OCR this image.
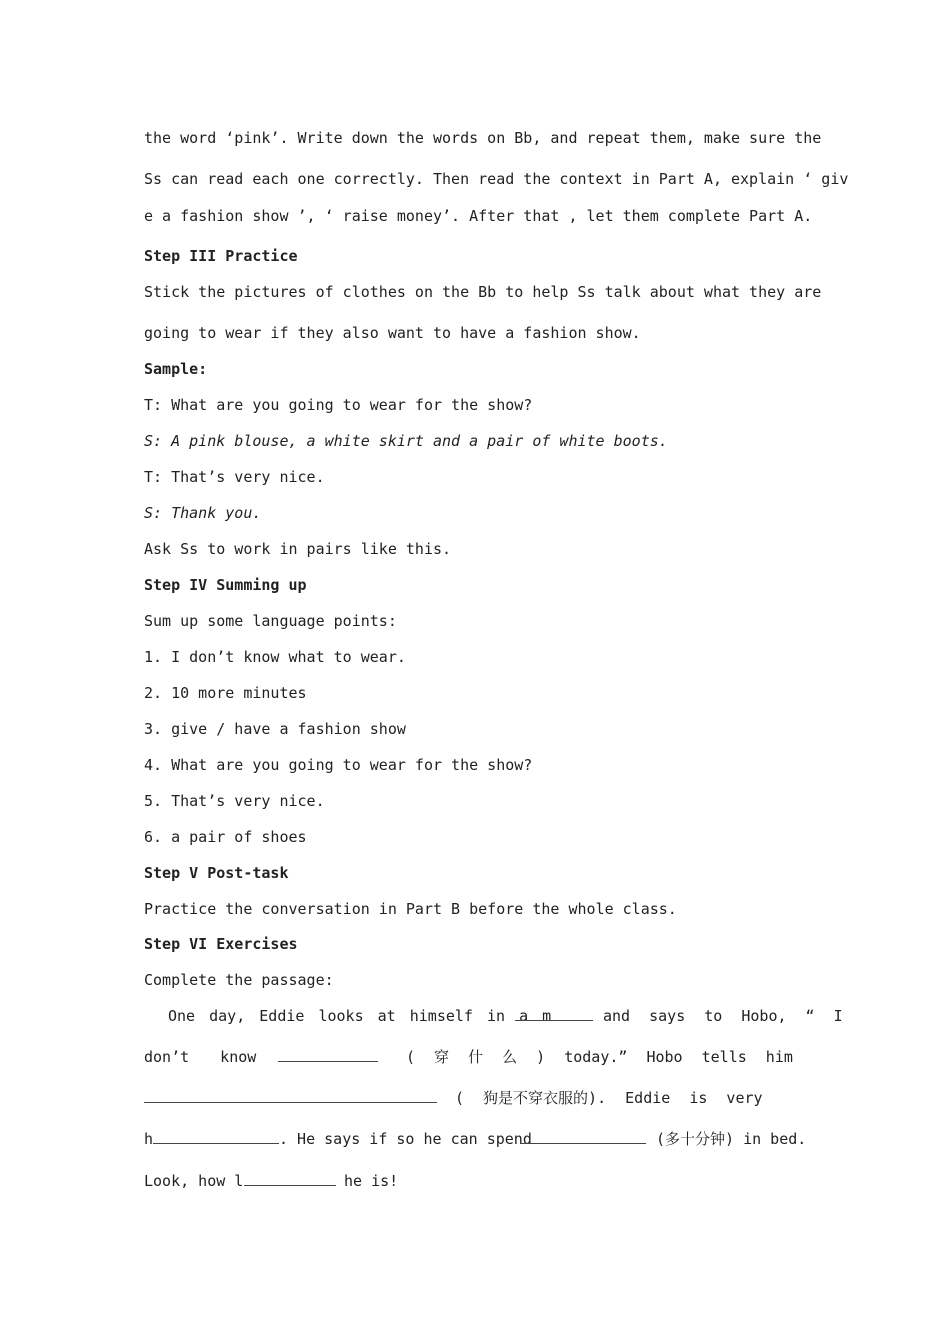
the word ‘pink’. Write down the words on Bb, and repeat them, make sure the
Ss can read each one correctly. Then read the context in Part A, explain ‘ giv
e a fashion show ’, ‘ raise money’. After that , let them complete Part A.
Step III Practice
Stick the pictures of clothes on the Bb to help Ss talk about what they are
going to wear if they also want to have a fashion show.
Sample:
T: What are you going to wear for the show?
S: A pink blouse, a white skirt and a pair of white boots.
T: That’s very nice.
S: Thank you.
Ask Ss to work in pairs like this.
Step IV Summing up
Sum up some language points:
1. I don’t know what to wear.
2. 10 more minutes
3. give / have a fashion show
4. What are you going to wear for the show?
5. That’s very nice.
6. a pair of shoes
Step V Post-task
Practice the conversation in Part B before the whole class.
Step VI Exercises
Complete the passage:
One day, Eddie looks at himself in a m	and says to Hobo, “ I
don’t know	( 穿 什 么 ) today.” Hobo tells him
( 狗是不穿衣服的). Eddie is very
h	. He says if so he can spend	(多十分钟) in bed.
Look, how l	he is!
